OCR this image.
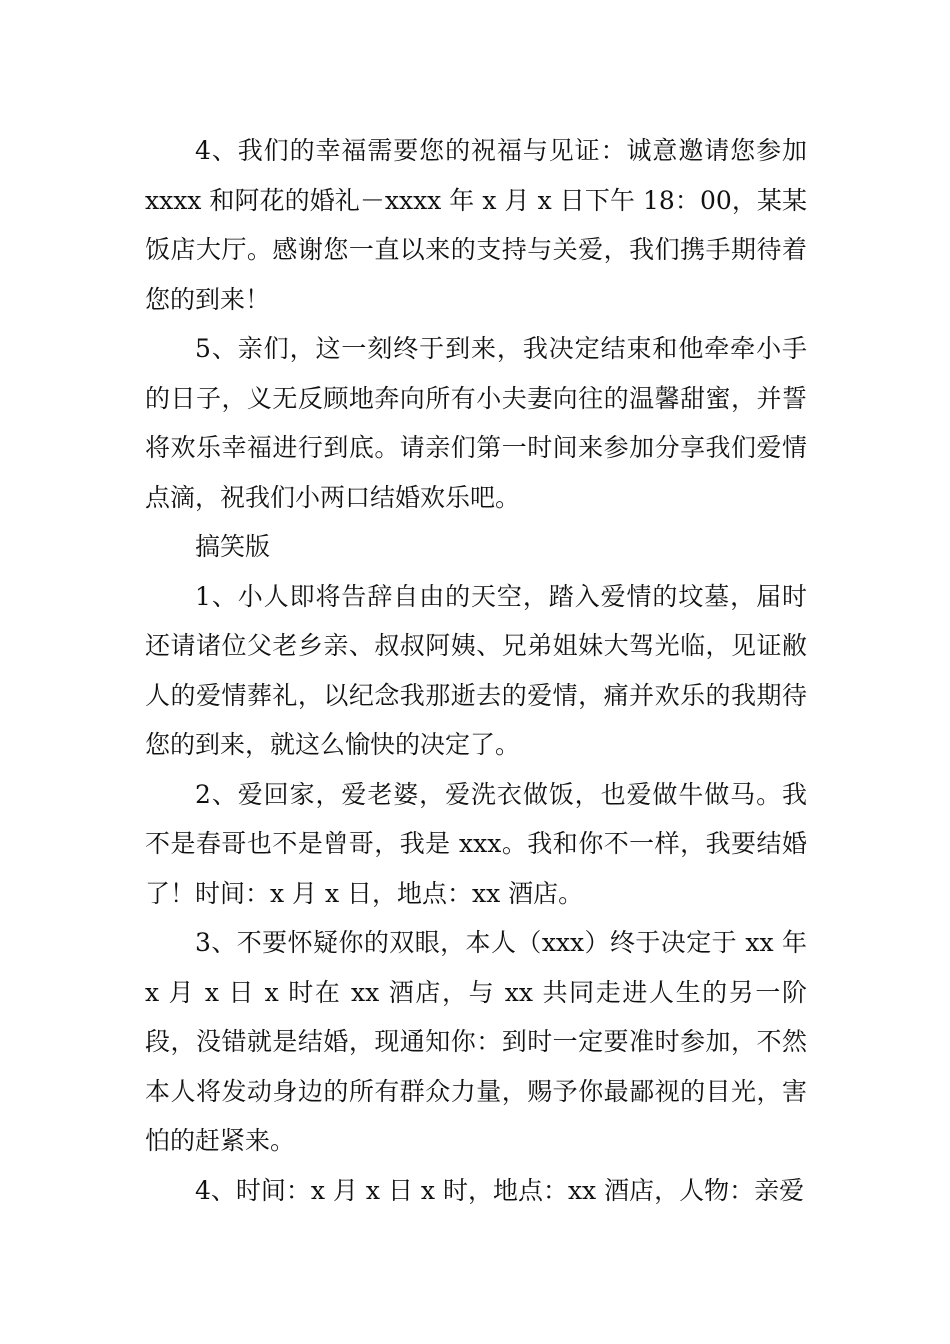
4、我们的幸福需要您的祝福与见证：诚意邀请您参加 xxxx 和阿花的婚礼－xxxx 年 x 月 x 日下午 18：00，某某饭店大厅。感谢您一直以来的支持与关爱，我们携手期待着您的到来！

5、亲们，这一刻终于到来，我决定结束和他牵牵小手的日子，义无反顾地奔向所有小夫妻向往的温馨甜蜜，并誓将欢乐幸福进行到底。请亲们第一时间来参加分享我们爱情点滴，祝我们小两口结婚欢乐吧。

搞笑版

1、小人即将告辞自由的天空，踏入爱情的坟墓，届时还请诸位父老乡亲、叔叔阿姨、兄弟姐妹大驾光临，见证敝人的爱情葬礼，以纪念我那逝去的爱情，痛并欢乐的我期待您的到来，就这么愉快的决定了。

2、爱回家，爱老婆，爱洗衣做饭，也爱做牛做马。我不是春哥也不是曾哥，我是 xxx。我和你不一样，我要结婚了！时间：x 月 x 日，地点：xx 酒店。

3、不要怀疑你的双眼，本人（xxx）终于决定于 xx 年 x 月 x 日 x 时在 xx 酒店，与 xx 共同走进人生的另一阶段，没错就是结婚，现通知你：到时一定要准时参加，不然本人将发动身边的所有群众力量，赐予你最鄙视的目光，害怕的赶紧来。

4、时间：x 月 x 日 x 时，地点：xx 酒店，人物：亲爱
